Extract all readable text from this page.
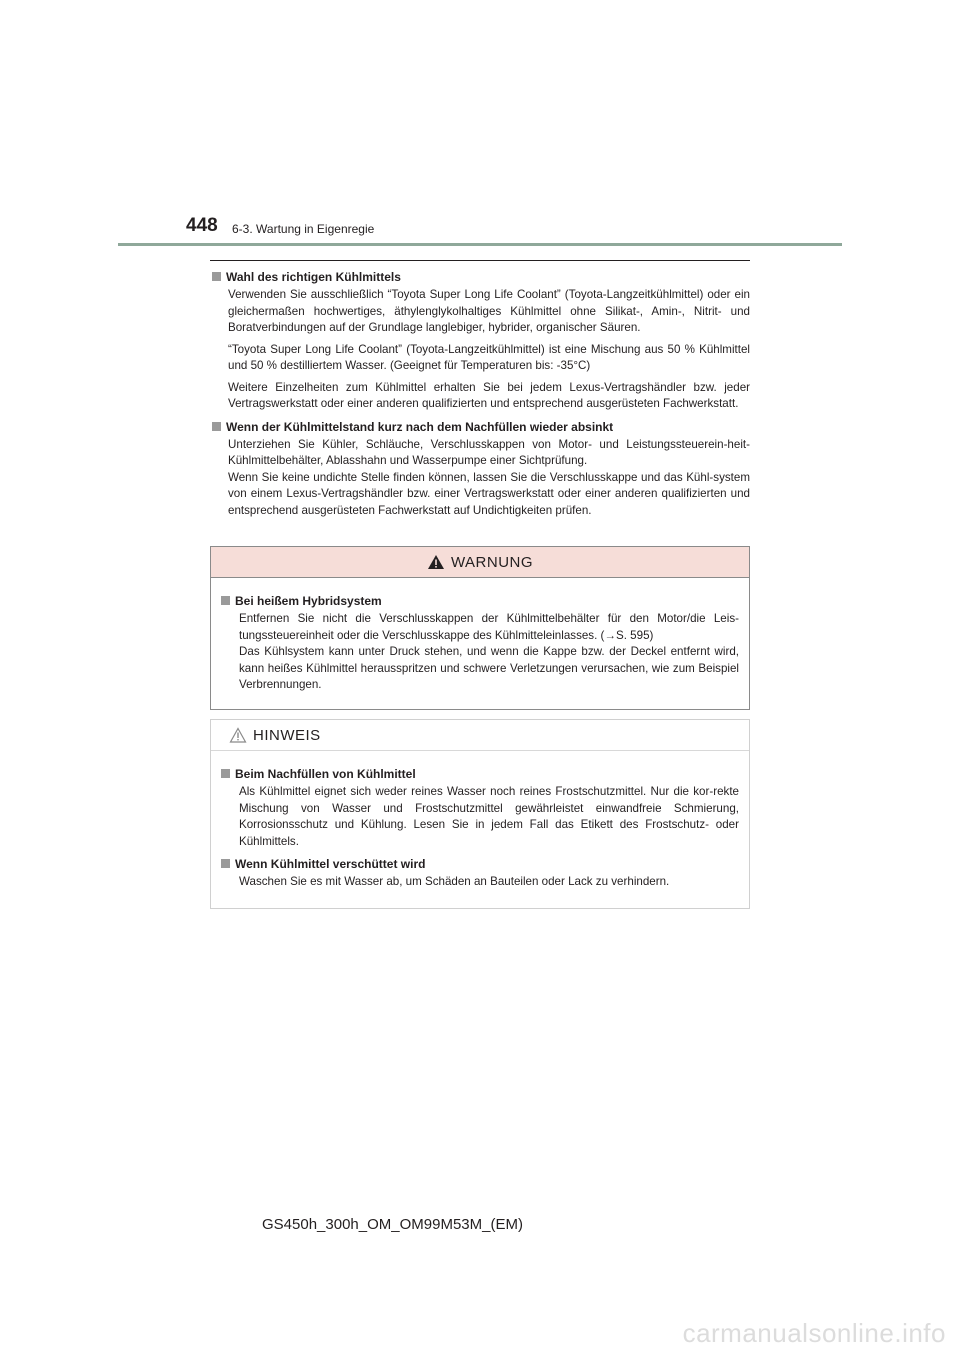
448 6-3. Wartung in Eigenregie
Wahl des richtigen Kühlmittels

Verwenden Sie ausschließlich “Toyota Super Long Life Coolant” (Toyota-Langzeitkühlmittel) oder ein gleichermaßen hochwertiges, äthylenglykolhaltiges Kühlmittel ohne Silikat-, Amin-, Nitrit- und Boratverbindungen auf der Grundlage langlebiger, hybrider, organischer Säuren.

“Toyota Super Long Life Coolant” (Toyota-Langzeitkühlmittel) ist eine Mischung aus 50 % Kühlmittel und 50 % destilliertem Wasser. (Geeignet für Temperaturen bis: -35°C)

Weitere Einzelheiten zum Kühlmittel erhalten Sie bei jedem Lexus-Vertragshändler bzw. jeder Vertragswerkstatt oder einer anderen qualifizierten und entsprechend ausgerüsteten Fachwerkstatt.

Wenn der Kühlmittelstand kurz nach dem Nachfüllen wieder absinkt

Unterziehen Sie Kühler, Schläuche, Verschlusskappen von Motor- und Leistungssteuerein-heit-Kühlmittelbehälter, Ablasshahn und Wasserpumpe einer Sichtprüfung.

Wenn Sie keine undichte Stelle finden können, lassen Sie die Verschlusskappe und das Kühl-system von einem Lexus-Vertragshändler bzw. einer Vertragswerkstatt oder einer anderen qualifizierten und entsprechend ausgerüsteten Fachwerkstatt auf Undichtigkeiten prüfen.

WARNUNG
Bei heißem Hybridsystem

Entfernen Sie nicht die Verschlusskappen der Kühlmittelbehälter für den Motor/die Leis-tungssteuereinheit oder die Verschlusskappe des Kühlmitteleinlasses. (→S. 595)

Das Kühlsystem kann unter Druck stehen, und wenn die Kappe bzw. der Deckel entfernt wird, kann heißes Kühlmittel herausspritzen und schwere Verletzungen verursachen, wie zum Beispiel Verbrennungen.

HINWEIS
Beim Nachfüllen von Kühlmittel

Als Kühlmittel eignet sich weder reines Wasser noch reines Frostschutzmittel. Nur die kor-rekte Mischung von Wasser und Frostschutzmittel gewährleistet einwandfreie Schmierung, Korrosionsschutz und Kühlung. Lesen Sie in jedem Fall das Etikett des Frostschutz- oder Kühlmittels.

Wenn Kühlmittel verschüttet wird

Waschen Sie es mit Wasser ab, um Schäden an Bauteilen oder Lack zu verhindern.

GS450h_300h_OM_OM99M53M_(EM)
carmanualsonline.info
